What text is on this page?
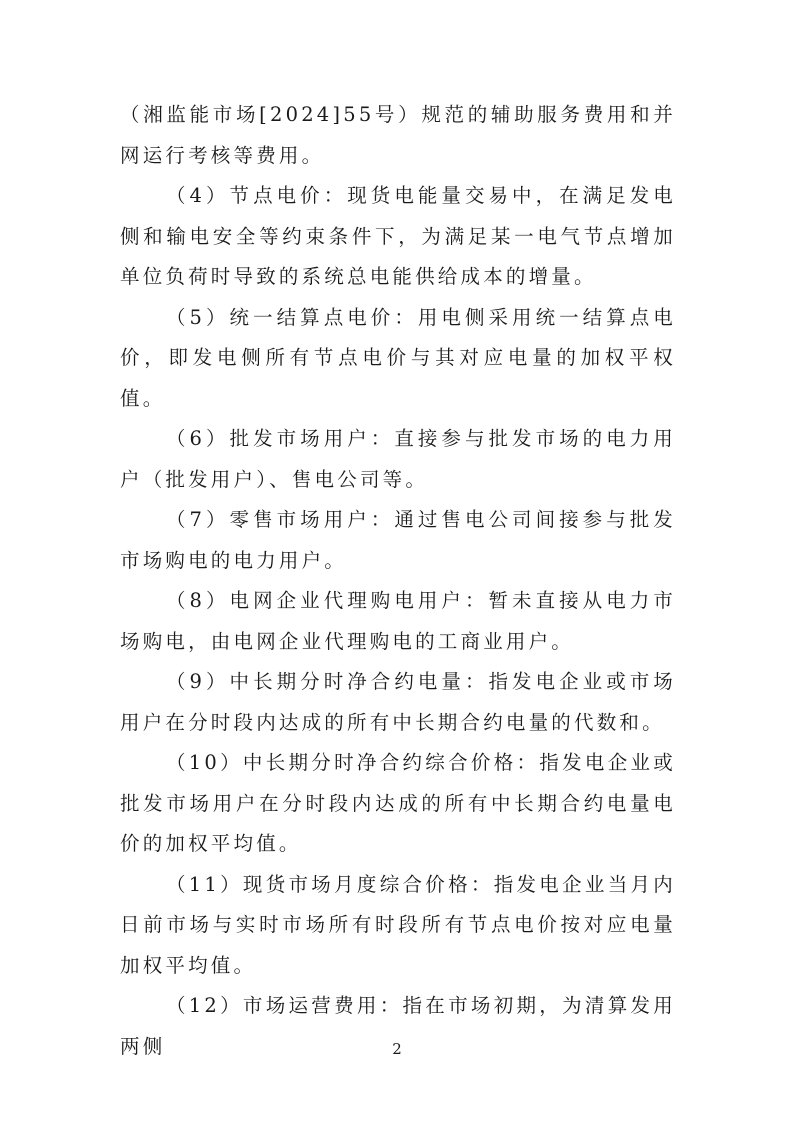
（湘监能市场[2024]55号）规范的辅助服务费用和并网运行考核等费用。

（4）节点电价：现货电能量交易中，在满足发电侧和输电安全等约束条件下，为满足某一电气节点增加单位负荷时导致的系统总电能供给成本的增量。

（5）统一结算点电价：用电侧采用统一结算点电价，即发电侧所有节点电价与其对应电量的加权平权值。

（6）批发市场用户：直接参与批发市场的电力用户（批发用户）、售电公司等。

（7）零售市场用户：通过售电公司间接参与批发市场购电的电力用户。

（8）电网企业代理购电用户：暂未直接从电力市场购电，由电网企业代理购电的工商业用户。

（9）中长期分时净合约电量：指发电企业或市场用户在分时段内达成的所有中长期合约电量的代数和。

（10）中长期分时净合约综合价格：指发电企业或批发市场用户在分时段内达成的所有中长期合约电量电价的加权平均值。

（11）现货市场月度综合价格：指发电企业当月内日前市场与实时市场所有时段所有节点电价按对应电量加权平均值。

（12）市场运营费用：指在市场初期，为清算发用两侧	2
